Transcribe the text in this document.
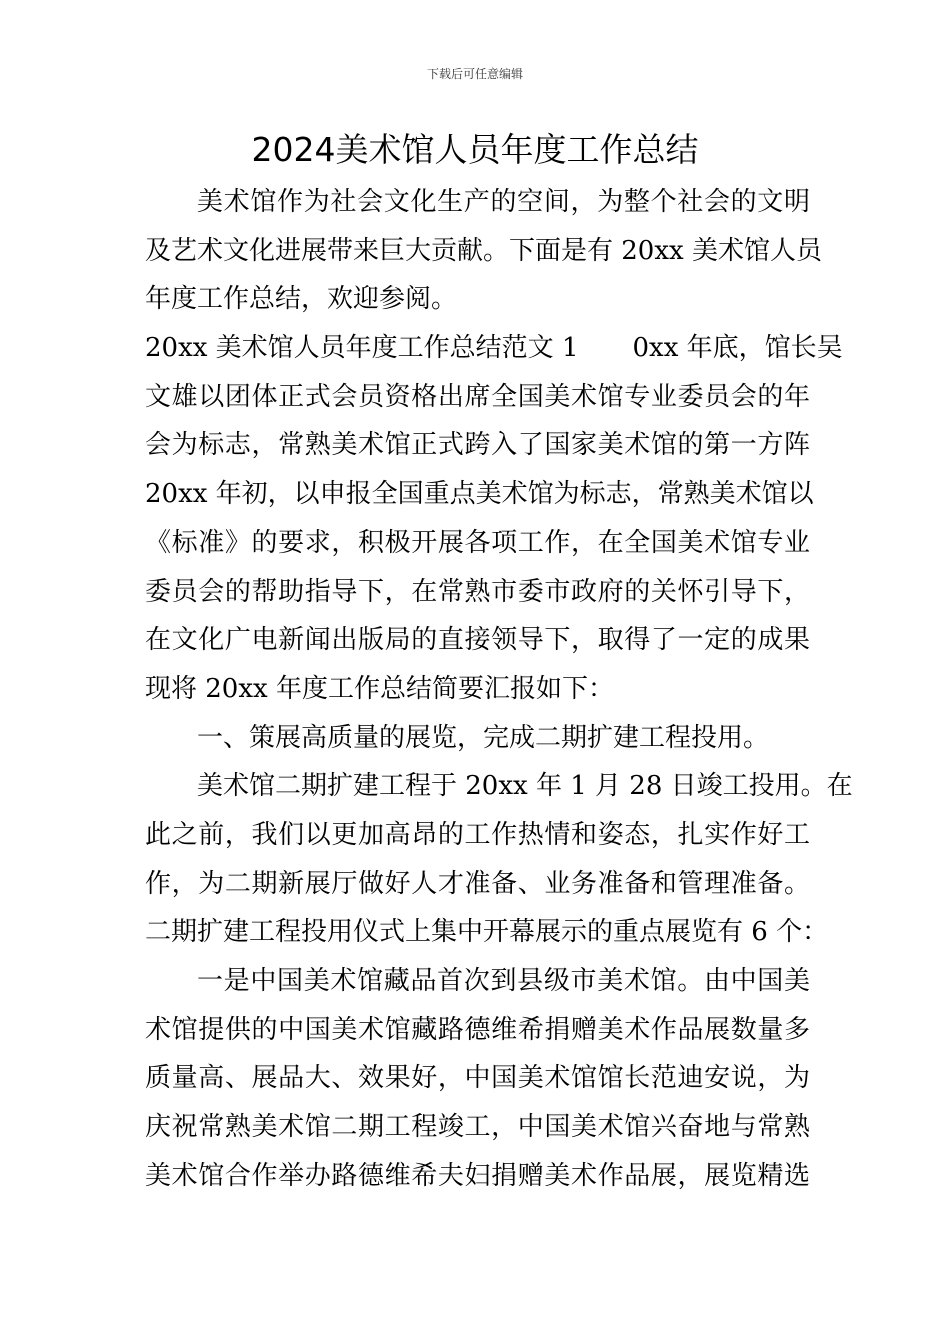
下载后可任意编辑
2024美术馆人员年度工作总结
美术馆作为社会文化生产的空间，为整个社会的文明
及艺术文化进展带来巨大贡献。下面是有 20xx 美术馆人员
年度工作总结，欢迎参阅。
20xx 美术馆人员年度工作总结范文 1 0xx 年底，馆长吴
文雄以团体正式会员资格出席全国美术馆专业委员会的年
会为标志，常熟美术馆正式跨入了国家美术馆的第一方阵
20xx 年初，以申报全国重点美术馆为标志，常熟美术馆以
《标准》的要求，积极开展各项工作，在全国美术馆专业
委员会的帮助指导下，在常熟市委市政府的关怀引导下，
在文化广电新闻出版局的直接领导下，取得了一定的成果
现将 20xx 年度工作总结简要汇报如下：
一、策展高质量的展览，完成二期扩建工程投用。
美术馆二期扩建工程于 20xx 年 1 月 28 日竣工投用。在
此之前，我们以更加高昂的工作热情和姿态，扎实作好工
作，为二期新展厅做好人才准备、业务准备和管理准备。
二期扩建工程投用仪式上集中开幕展示的重点展览有 6 个：
一是中国美术馆藏品首次到县级市美术馆。由中国美
术馆提供的中国美术馆藏路德维希捐赠美术作品展数量多
质量高、展品大、效果好，中国美术馆馆长范迪安说，为
庆祝常熟美术馆二期工程竣工，中国美术馆兴奋地与常熟
美术馆合作举办路德维希夫妇捐赠美术作品展，展览精选
